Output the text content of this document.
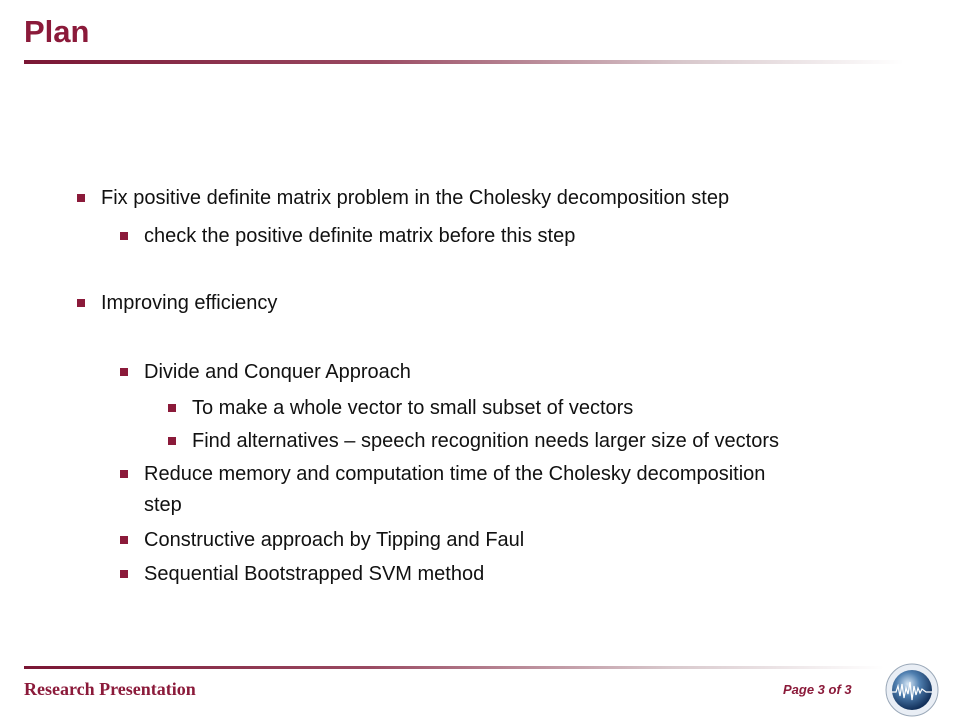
Plan
Fix positive definite matrix problem in the Cholesky decomposition step
check the positive definite matrix before this step
Improving efficiency
Divide and Conquer Approach
To make a whole vector to small subset of vectors
Find alternatives – speech recognition needs larger size of vectors
Reduce memory and computation time of the Cholesky decomposition
step
Constructive approach by Tipping and Faul
Sequential Bootstrapped SVM method
Research Presentation	Page 3 of 3
